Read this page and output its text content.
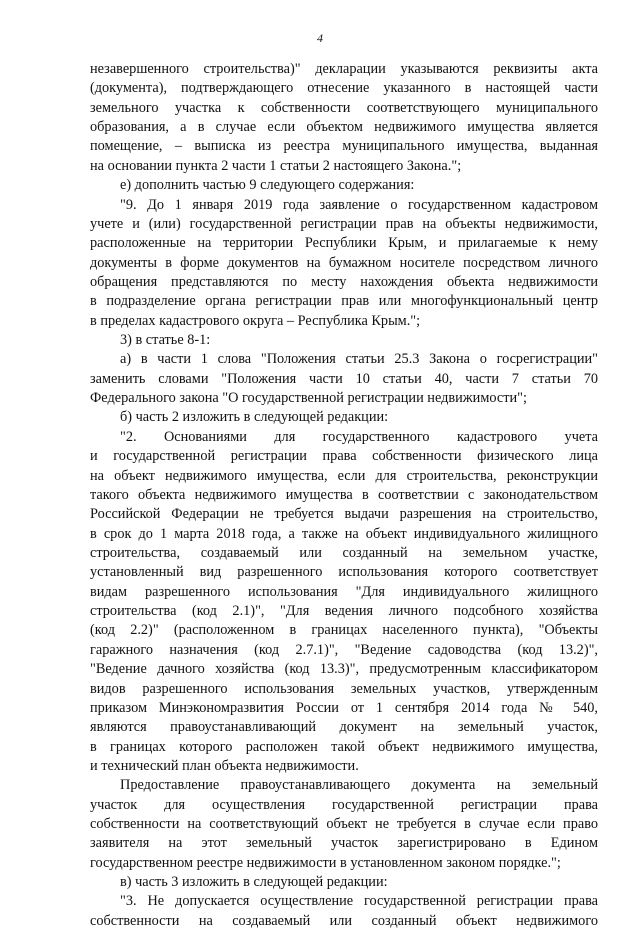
4
незавершенного строительства)" декларации указываются реквизиты акта
(документа), подтверждающего отнесение указанного в настоящей части
земельного участка к собственности соответствующего муниципального
образования, а в случае если объектом недвижимого имущества является
помещение, – выписка из реестра муниципального имущества, выданная
на основании пункта 2 части 1 статьи 2 настоящего Закона.";
е) дополнить частью 9 следующего содержания:
"9. До 1 января 2019 года заявление о государственном кадастровом
учете и (или) государственной регистрации прав на объекты недвижимости,
расположенные на территории Республики Крым, и прилагаемые к нему
документы в форме документов на бумажном носителе посредством личного
обращения представляются по месту нахождения объекта недвижимости
в подразделение органа регистрации прав или многофункциональный центр
в пределах кадастрового округа – Республика Крым.";
3) в статье 8-1:
а) в части 1 слова "Положения статьи 25.3 Закона о госрегистрации"
заменить словами "Положения части 10 статьи 40, части 7 статьи 70
Федерального закона "О государственной регистрации недвижимости";
б) часть 2 изложить в следующей редакции:
"2. Основаниями для государственного кадастрового учета
и государственной регистрации права собственности физического лица
на объект недвижимого имущества, если для строительства, реконструкции
такого объекта недвижимого имущества в соответствии с законодательством
Российской Федерации не требуется выдачи разрешения на строительство,
в срок до 1 марта 2018 года, а также на объект индивидуального жилищного
строительства, создаваемый или созданный на земельном участке,
установленный вид разрешенного использования которого соответствует
видам разрешенного использования "Для индивидуального жилищного
строительства (код 2.1)", "Для ведения личного подсобного хозяйства
(код 2.2)" (расположенном в границах населенного пункта), "Объекты
гаражного назначения (код 2.7.1)", "Ведение садоводства (код 13.2)",
"Ведение дачного хозяйства (код 13.3)", предусмотренным классификатором
видов разрешенного использования земельных участков, утвержденным
приказом Минэкономразвития России от 1 сентября 2014 года № 540,
являются правоустанавливающий документ на земельный участок,
в границах которого расположен такой объект недвижимого имущества,
и технический план объекта недвижимости.
Предоставление правоустанавливающего документа на земельный
участок для осуществления государственной регистрации права
собственности на соответствующий объект не требуется в случае если право
заявителя на этот земельный участок зарегистрировано в Едином
государственном реестре недвижимости в установленном законом порядке.";
в) часть 3 изложить в следующей редакции:
"3. Не допускается осуществление государственной регистрации права
собственности на создаваемый или созданный объект недвижимого
